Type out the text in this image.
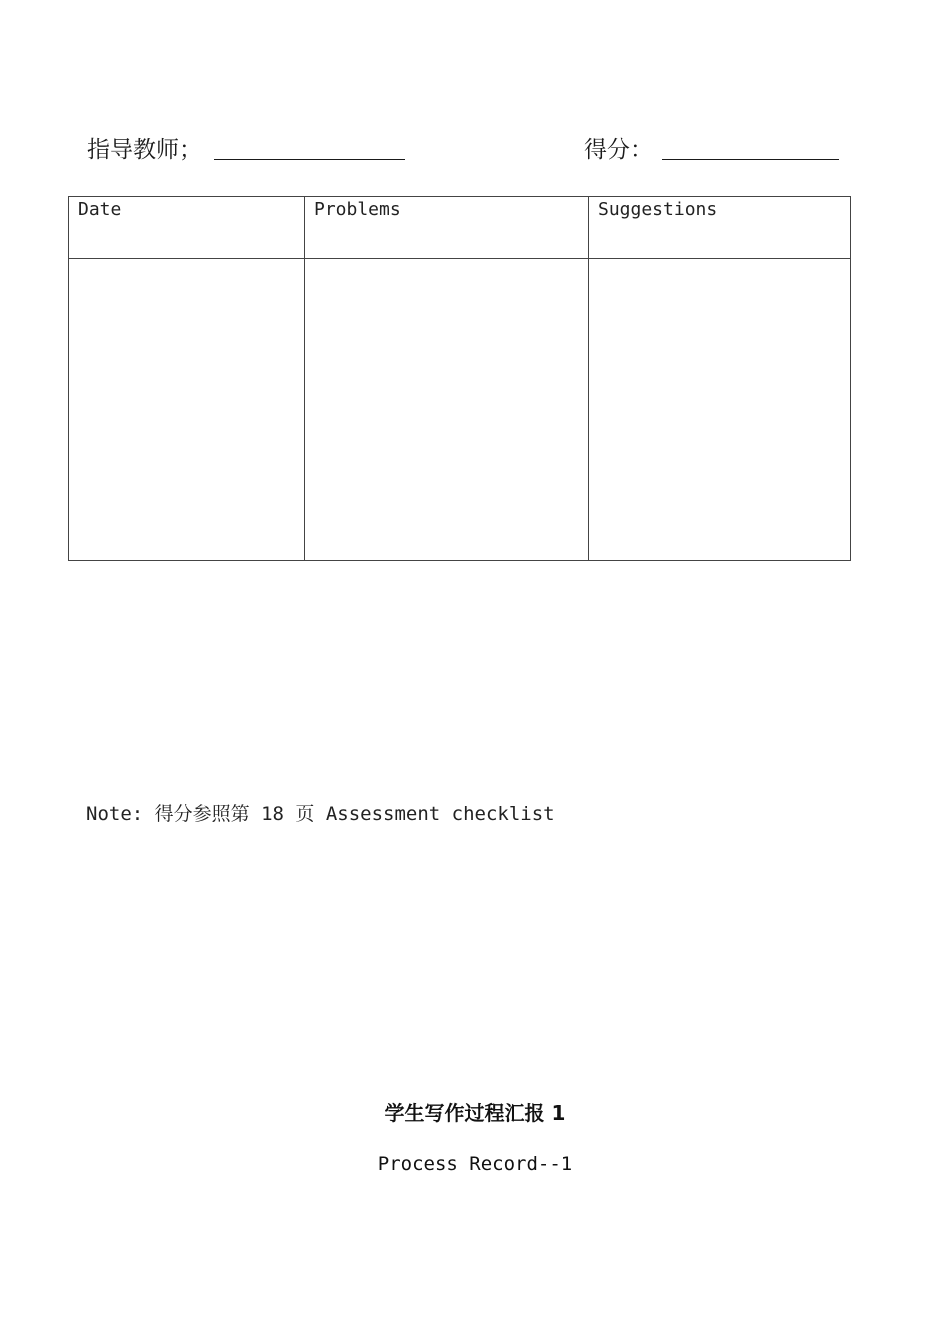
指导教师；	得分：
Date	Problems	Suggestions

Note: 得分参照第 18 页 Assessment checklist
学生写作过程汇报 1
Process Record--1
